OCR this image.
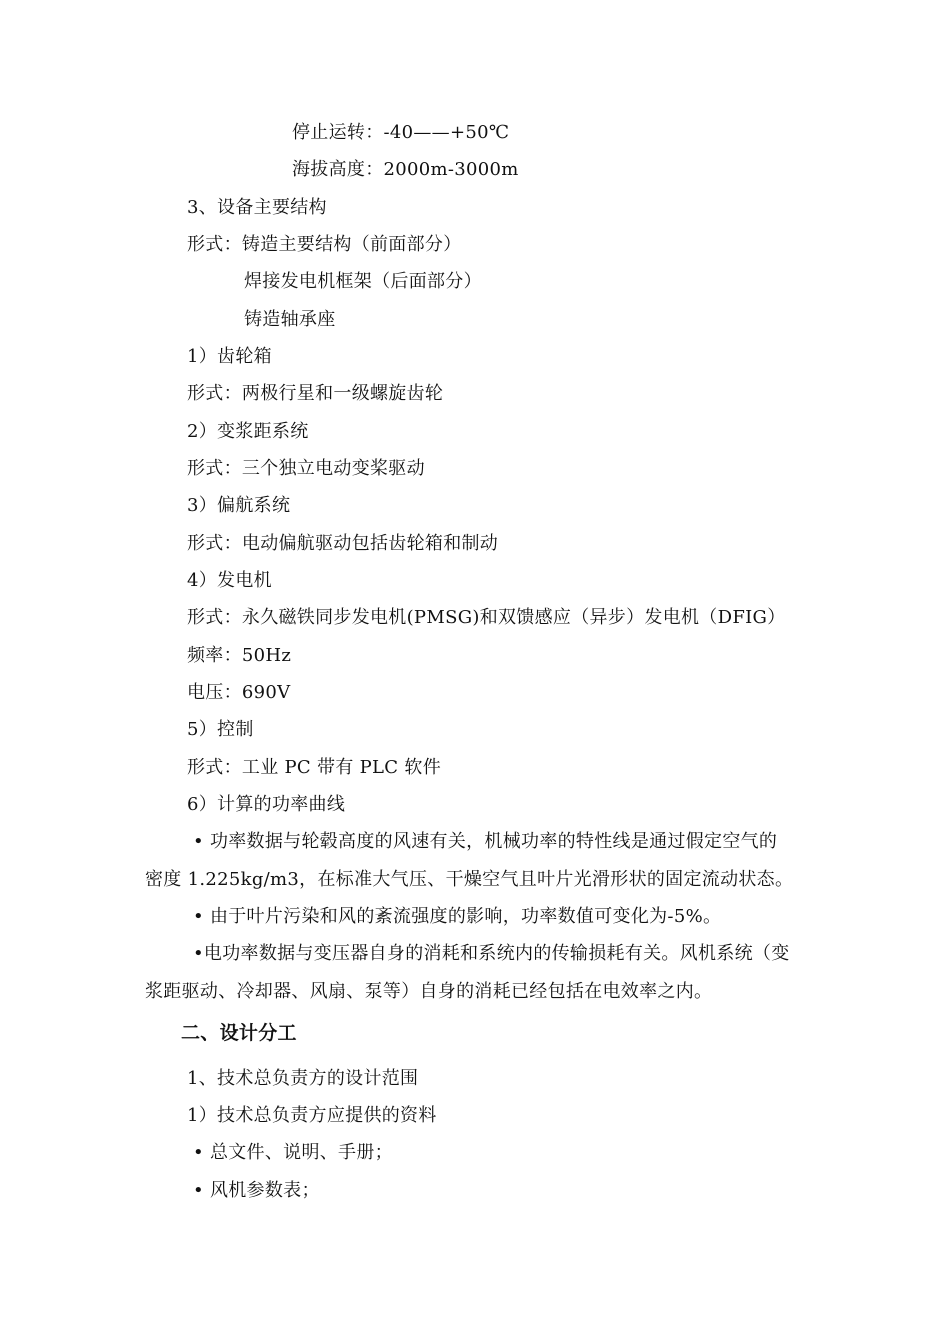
停止运转：-40——+50℃
海拔高度：2000m-3000m
3、设备主要结构
形式：铸造主要结构（前面部分）
焊接发电机框架（后面部分）
铸造轴承座
1）齿轮箱
形式：两极行星和一级螺旋齿轮
2）变浆距系统
形式：三个独立电动变桨驱动
3）偏航系统
形式：电动偏航驱动包括齿轮箱和制动
4）发电机
形式：永久磁铁同步发电机(PMSG)和双馈感应（异步）发电机（DFIG）
频率：50Hz
电压：690V
5）控制
形式：工业 PC 带有 PLC 软件
6）计算的功率曲线
• 功率数据与轮毂高度的风速有关，机械功率的特性线是通过假定空气的
密度 1.225kg/m3，在标准大气压、干燥空气且叶片光滑形状的固定流动状态。
• 由于叶片污染和风的紊流强度的影响，功率数值可变化为-5%。
•电功率数据与变压器自身的消耗和系统内的传输损耗有关。风机系统（变
浆距驱动、冷却器、风扇、泵等）自身的消耗已经包括在电效率之内。
二、设计分工
1、技术总负责方的设计范围
1）技术总负责方应提供的资料
• 总文件、说明、手册；
• 风机参数表；
